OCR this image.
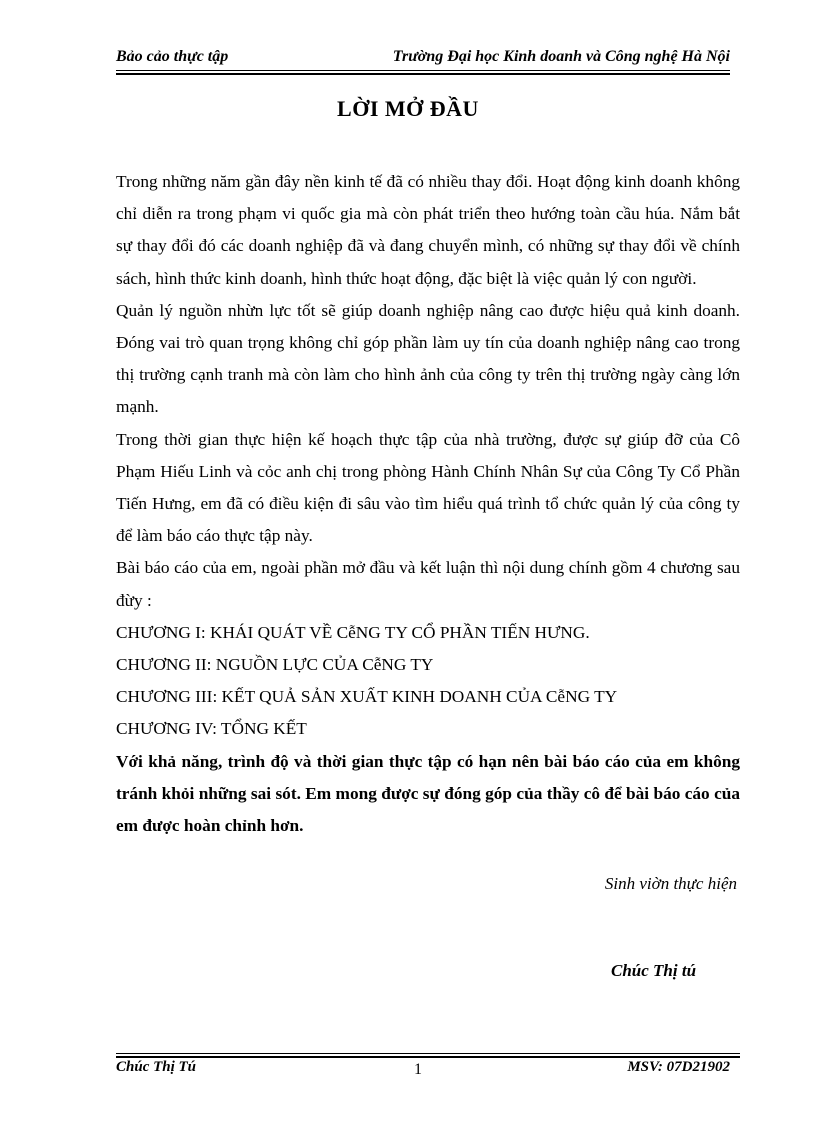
Bảo cảo thực tập	Trường Đại học Kinh doanh và Công nghệ Hà Nội
LỜI MỞ ĐẦU

Trong những năm gần đây nền kinh tế đã có nhiều thay đổi. Hoạt động kinh doanh không chỉ diễn ra trong phạm vi quốc gia mà còn phát triển theo hướng toàn cầu húa. Nắm bắt sự thay đổi đó các doanh nghiệp đã và đang chuyển mình, có những sự thay đổi về chính sách, hình thức kinh doanh, hình thức hoạt động, đặc biệt là việc quản lý con người.

Quản lý nguồn nhừn lực tốt sẽ giúp doanh nghiệp nâng cao được hiệu quả kinh doanh. Đóng vai trò quan trọng không chỉ góp phần làm uy tín của doanh nghiệp nâng cao trong thị trường cạnh tranh mà còn làm cho hình ảnh của công ty trên thị trường ngày càng lớn mạnh.

Trong thời gian thực hiện kế hoạch thực tập của nhà trường, được sự giúp đỡ của Cô Phạm Hiếu Linh và cỏc anh chị trong phòng Hành Chính Nhân Sự của Công Ty Cổ Phần Tiến Hưng, em đã có điều kiện đi sâu vào tìm hiểu quá trình tổ chức quản lý của công ty để làm báo cáo thực tập này.

Bài báo cáo của em, ngoài phần mở đầu và kết luận thì nội dung chính gồm 4 chương sau đừy :

CHƯƠNG I: KHÁI QUÁT VỀ CễNG TY CỔ PHẦN TIẾN HƯNG.

CHƯƠNG II: NGUỒN LỰC CỦA CễNG TY

CHƯƠNG III: KẾT QUẢ SẢN XUẤT KINH DOANH CỦA CễNG TY

CHƯƠNG IV: TỔNG KẾT

Với khả năng, trình độ và thời gian thực tập có hạn nên bài báo cáo của em không tránh khỏi những sai sót. Em mong được sự đóng góp của thầy cô để bài báo cáo của em được hoàn chỉnh hơn.

Sinh viờn thực hiện
Chúc Thị tú
Chúc Thị Tú	1	MSV: 07D21902
